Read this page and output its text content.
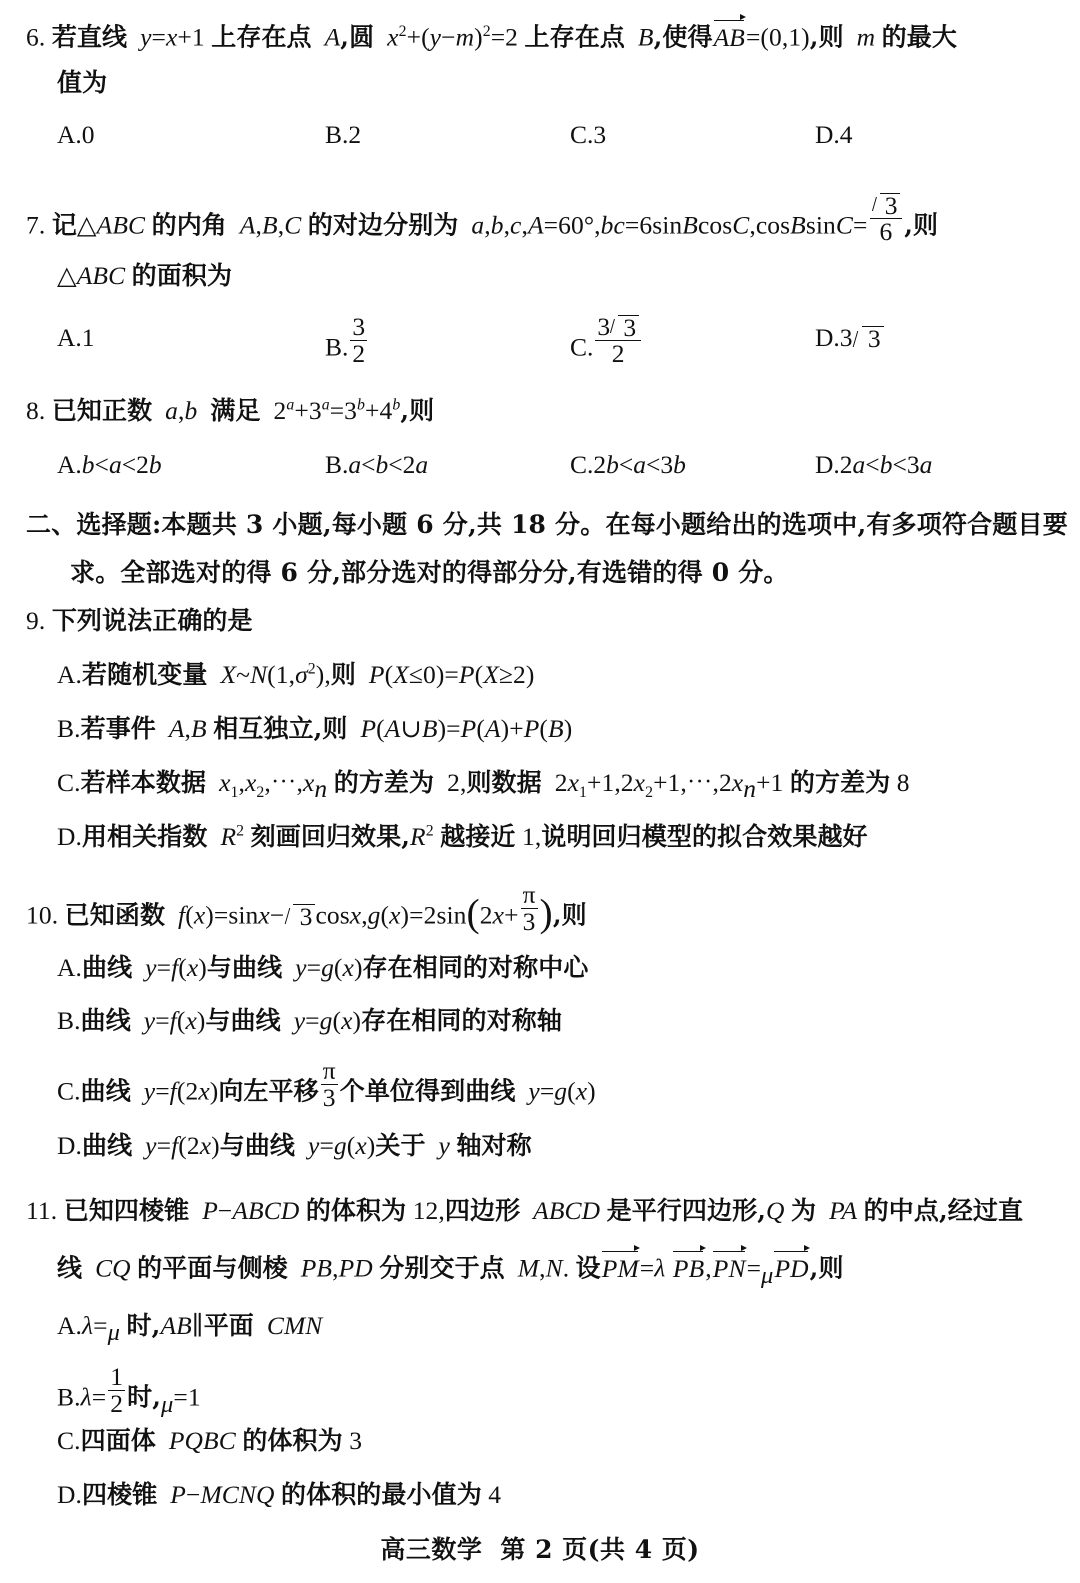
6. 若直线  y=x+1 上存在点  A,圆  $x^2+(y-m)^2=2$ 上存在点  B,使得AB
=(0,1),则  m 的最大
值为
A.0	B.2	C.3	D.4
7. 记△ABC 的内角  A,B,C 的对边分别为  a,b,c,A=60°,bc=6sinBcosC,cosBsinC= $\frac{3}{6}$ ,则
△ABC 的面积为
A.1	B. $\frac{3}{2}$	C. $\frac{3 3}{2}$	D.3 3
8. 已知正数  a,b 满足  $2^a+3^a=3^b+4^b$,则
A.b<a<2b	B.a<b<2a	C.2b<a<3b	D.2a<b<3a
二、选择题:本题共 3 小题,每小题 6 分,共 18 分。在每小题给出的选项中,有多项符合题目要
求。全部选对的得 6 分,部分选对的得部分分,有选错的得 0 分。
9. 下列说法正确的是
A.若随机变量  $X\sim N(1,\sigma^2)$,则  P(X≤0)=P(X≥2)
B.若事件  A,B 相互独立,则  P(A∪B)=P(A)+P(B)
C.若样本数据  $x_1,x_2,\cdots,x_n$ 的方差为  2,则数据  $2x_1+1,2x_2+1,\cdots,2x_n+1$ 的方差为 8
D.用相关指数  $R^2$ 刻画回归效果$,R^2$ 越接近 1,说明回归模型的拟合效果越好
10. 已知函数  f(x)=sinx− 3 $\cos x,g(x)=2\sin(2x+ \frac{\pi}{3}$ ),则
A.曲线  y=f(x)与曲线  y=g(x)存在相同的对称中心
B.曲线  y=f(x)与曲线  y=g(x)存在相同的对称轴
C.曲线  y=f(2x)向左平移 $\frac{\pi}{3}$ 个单位得到曲线  y=g(x)
D.曲线  y=f(2x)与曲线  y=g(x)关于  y 轴对称
11. 已知四棱锥  P−ABCD 的体积为 12,四边形  ABCD 是平行四边形,Q 为  PA 的中点,经过直
线  CQ 的平面与侧棱  PB,PD 分别交于点  M,N. 设PM
=λ PB
,PN
$=_\mu PD$
,则
$A.\lambda=_\mu$ 时,AB∥平面  CMN
$B.\lambda= \frac{1}{2}$ 时$,_\mu=1$
C.四面体  PQBC 的体积为 3
D.四棱锥  P−MCNQ 的体积的最小值为 4
高三数学 第 2 页(共 4 页)
